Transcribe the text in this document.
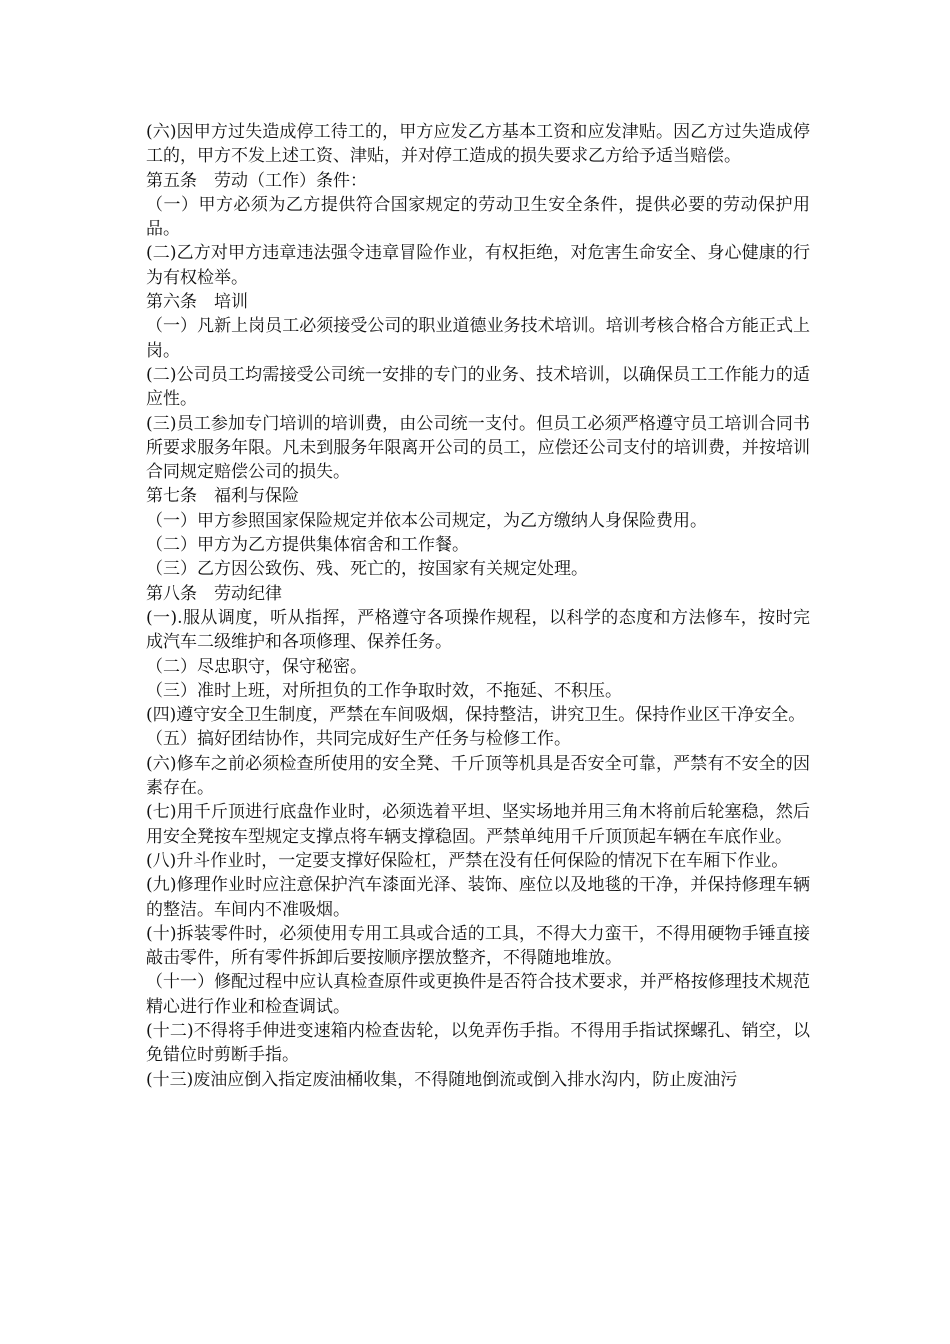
(六)因甲方过失造成停工待工的，甲方应发乙方基本工资和应发津贴。因乙方过失造成停工的，甲方不发上述工资、津贴，并对停工造成的损失要求乙方给予适当赔偿。

第五条　劳动（工作）条件：

（一）甲方必须为乙方提供符合国家规定的劳动卫生安全条件，提供必要的劳动保护用品。

(二)乙方对甲方违章违法强令违章冒险作业，有权拒绝，对危害生命安全、身心健康的行为有权检举。

第六条　培训

（一）凡新上岗员工必须接受公司的职业道德业务技术培训。培训考核合格合方能正式上岗。

(二)公司员工均需接受公司统一安排的专门的业务、技术培训，以确保员工工作能力的适应性。

(三)员工参加专门培训的培训费，由公司统一支付。但员工必须严格遵守员工培训合同书所要求服务年限。凡未到服务年限离开公司的员工，应偿还公司支付的培训费，并按培训合同规定赔偿公司的损失。

第七条　福利与保险

（一）甲方参照国家保险规定并依本公司规定，为乙方缴纳人身保险费用。

（二）甲方为乙方提供集体宿舍和工作餐。

（三）乙方因公致伤、残、死亡的，按国家有关规定处理。

第八条　劳动纪律

(一).服从调度，听从指挥，严格遵守各项操作规程，以科学的态度和方法修车，按时完成汽车二级维护和各项修理、保养任务。

（二）尽忠职守，保守秘密。

（三）准时上班，对所担负的工作争取时效，不拖延、不积压。

(四)遵守安全卫生制度，严禁在车间吸烟，保持整洁，讲究卫生。保持作业区干净安全。

（五）搞好团结协作，共同完成好生产任务与检修工作。

(六)修车之前必须检查所使用的安全凳、千斤顶等机具是否安全可靠，严禁有不安全的因素存在。

(七)用千斤顶进行底盘作业时，必须选着平坦、坚实场地并用三角木将前后轮塞稳，然后用安全凳按车型规定支撑点将车辆支撑稳固。严禁单纯用千斤顶顶起车辆在车底作业。

(八)升斗作业时，一定要支撑好保险杠，严禁在没有任何保险的情况下在车厢下作业。

(九)修理作业时应注意保护汽车漆面光泽、装饰、座位以及地毯的干净，并保持修理车辆的整洁。车间内不准吸烟。

(十)拆装零件时，必须使用专用工具或合适的工具，不得大力蛮干，不得用硬物手锤直接敲击零件，所有零件拆卸后要按顺序摆放整齐，不得随地堆放。

（十一）修配过程中应认真检查原件或更换件是否符合技术要求，并严格按修理技术规范精心进行作业和检查调试。

(十二)不得将手伸进变速箱内检查齿轮，以免弄伤手指。不得用手指试探螺孔、销空，以免错位时剪断手指。

(十三)废油应倒入指定废油桶收集，不得随地倒流或倒入排水沟内，防止废油污
